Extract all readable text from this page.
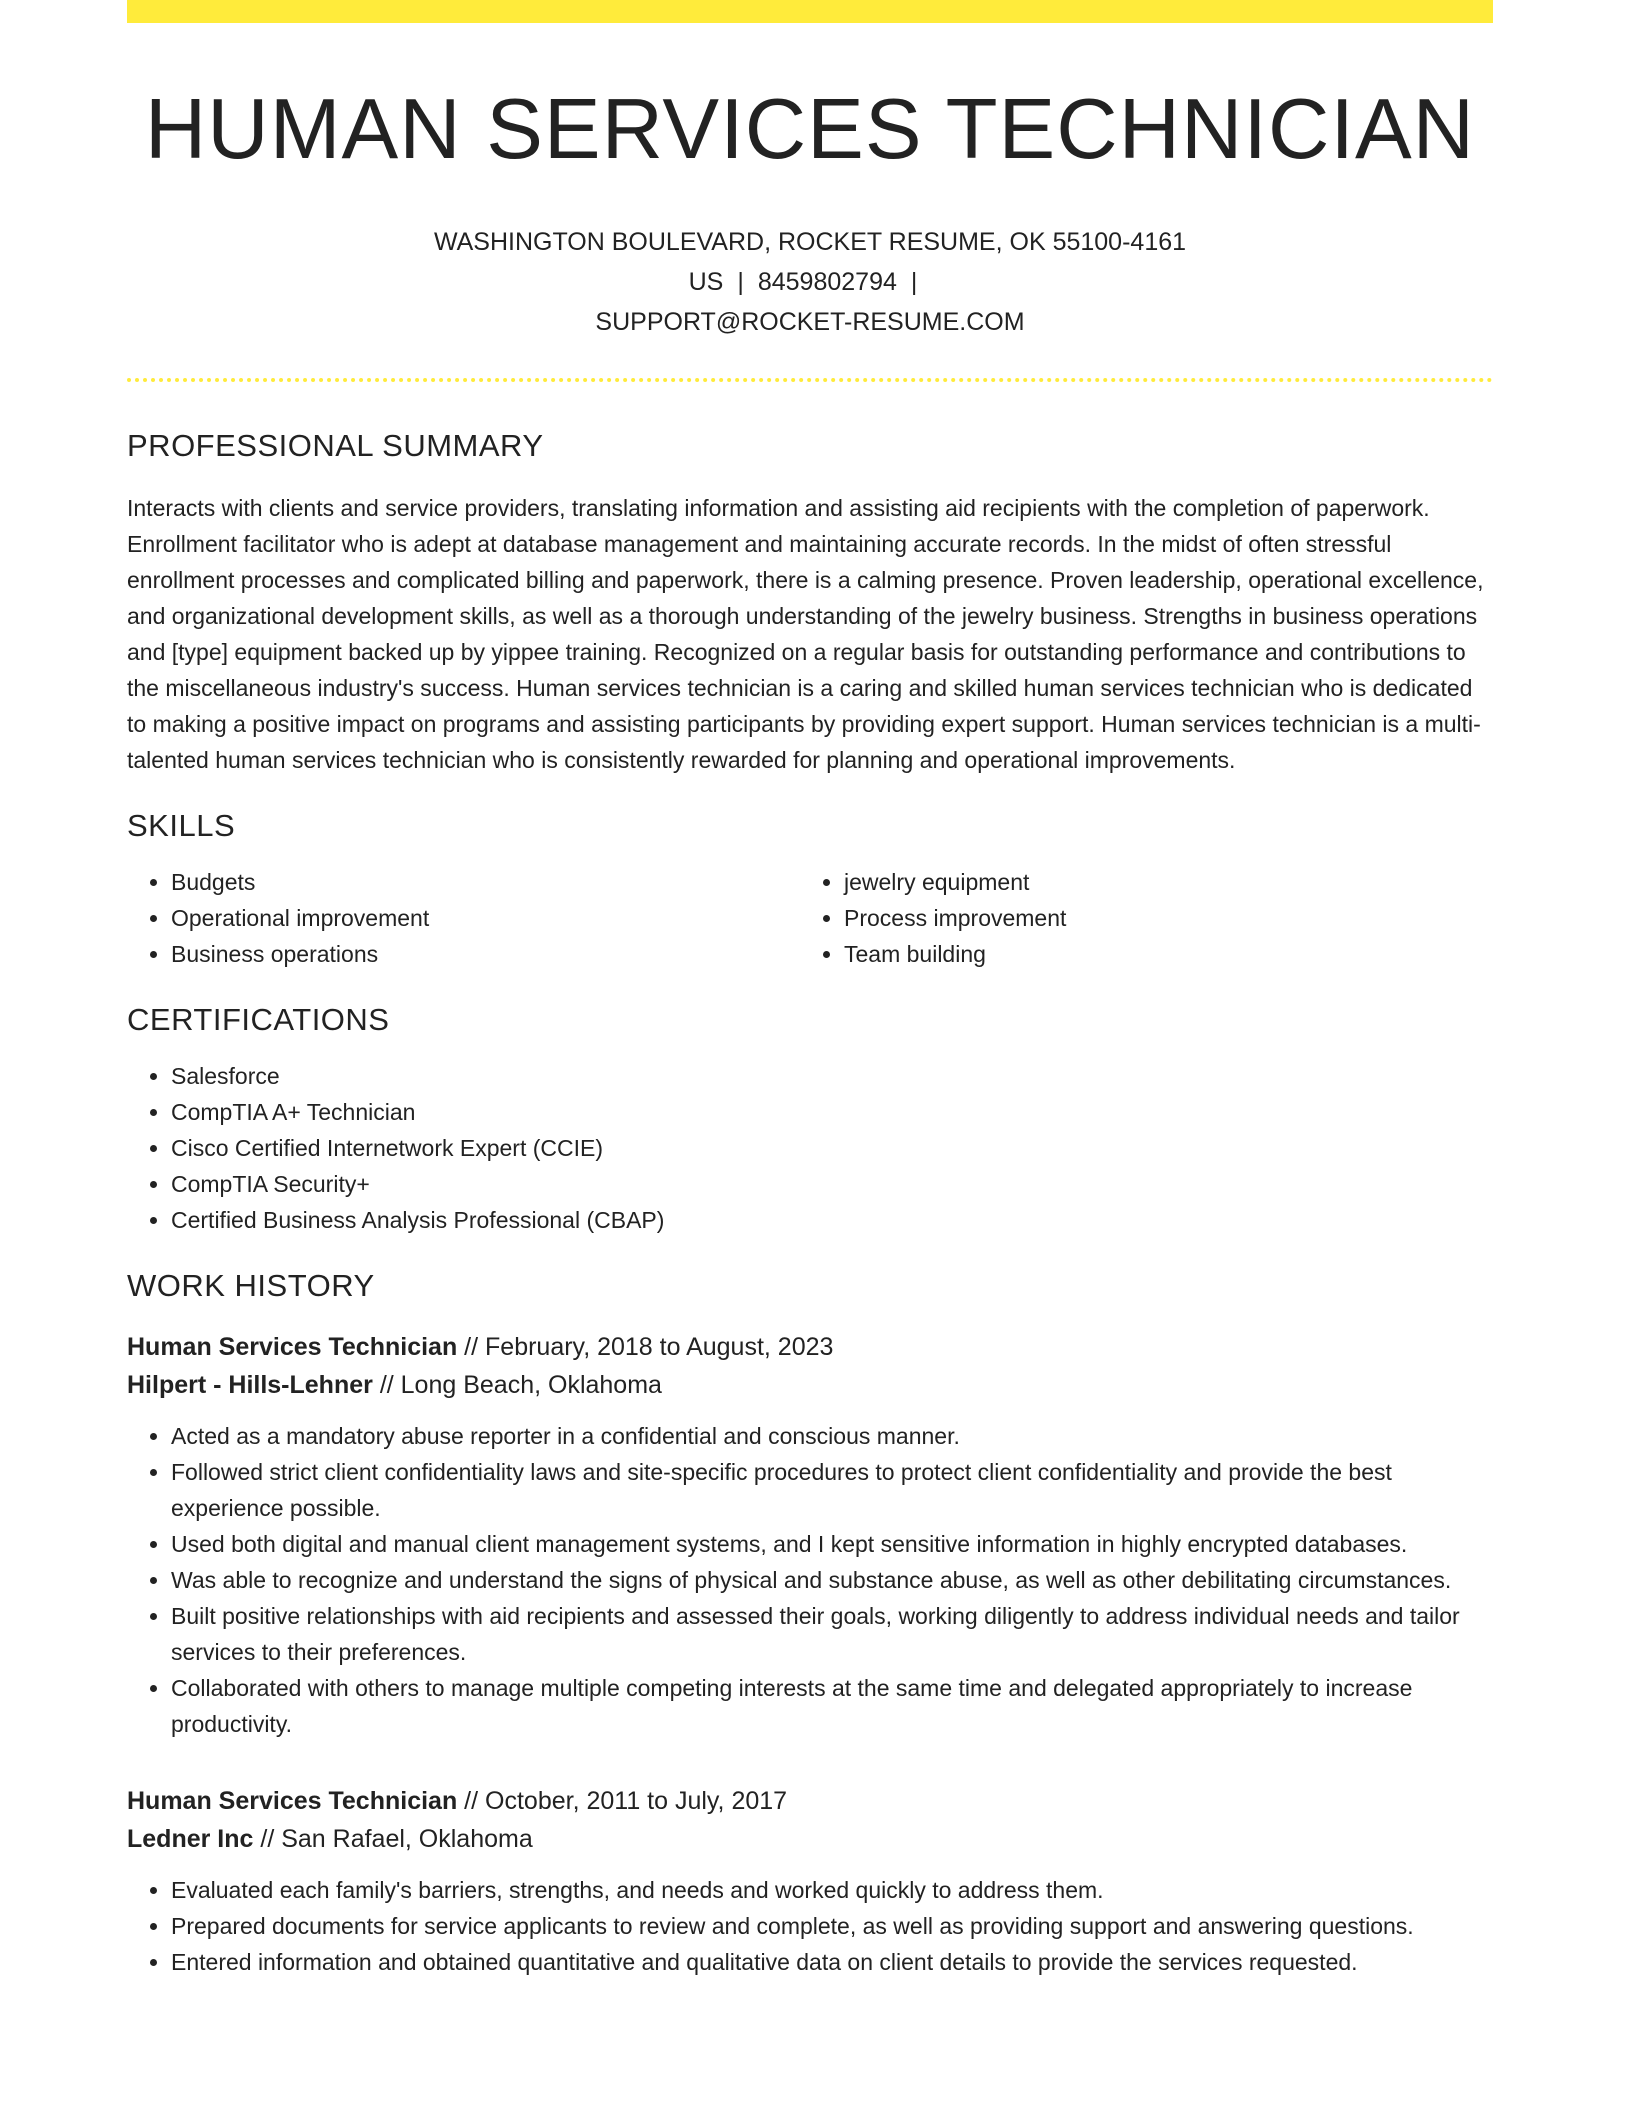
HUMAN SERVICES TECHNICIAN
WASHINGTON BOULEVARD, ROCKET RESUME, OK 55100-4161 US | 8459802794 |
SUPPORT@ROCKET-RESUME.COM
PROFESSIONAL SUMMARY

Interacts with clients and service providers, translating information and assisting aid recipients with the completion of paperwork. Enrollment facilitator who is adept at database management and maintaining accurate records. In the midst of often stressful enrollment processes and complicated billing and paperwork, there is a calming presence. Proven leadership, operational excellence, and organizational development skills, as well as a thorough understanding of the jewelry business. Strengths in business operations and [type] equipment backed up by yippee training. Recognized on a regular basis for outstanding performance and contributions to the miscellaneous industry's success. Human services technician is a caring and skilled human services technician who is dedicated to making a positive impact on programs and assisting participants by providing expert support. Human services technician is a multi-talented human services technician who is consistently rewarded for planning and operational improvements.

SKILLS
• Budgets
• Operational improvement
• Business operations
• jewelry equipment
• Process improvement
• Team building
CERTIFICATIONS
• Salesforce
• CompTIA A+ Technician
• Cisco Certified Internetwork Expert (CCIE)
• CompTIA Security+
• Certified Business Analysis Professional (CBAP)
WORK HISTORY
Human Services Technician // February, 2018 to August, 2023
Hilpert - Hills-Lehner // Long Beach, Oklahoma
• Acted as a mandatory abuse reporter in a confidential and conscious manner.
• Followed strict client confidentiality laws and site-specific procedures to protect client confidentiality and provide the best experience possible.
• Used both digital and manual client management systems, and I kept sensitive information in highly encrypted databases.
• Was able to recognize and understand the signs of physical and substance abuse, as well as other debilitating circumstances.
• Built positive relationships with aid recipients and assessed their goals, working diligently to address individual needs and tailor services to their preferences.
• Collaborated with others to manage multiple competing interests at the same time and delegated appropriately to increase productivity.
Human Services Technician // October, 2011 to July, 2017
Ledner Inc // San Rafael, Oklahoma
• Evaluated each family's barriers, strengths, and needs and worked quickly to address them.
• Prepared documents for service applicants to review and complete, as well as providing support and answering questions.
• Entered information and obtained quantitative and qualitative data on client details to provide the services requested.
